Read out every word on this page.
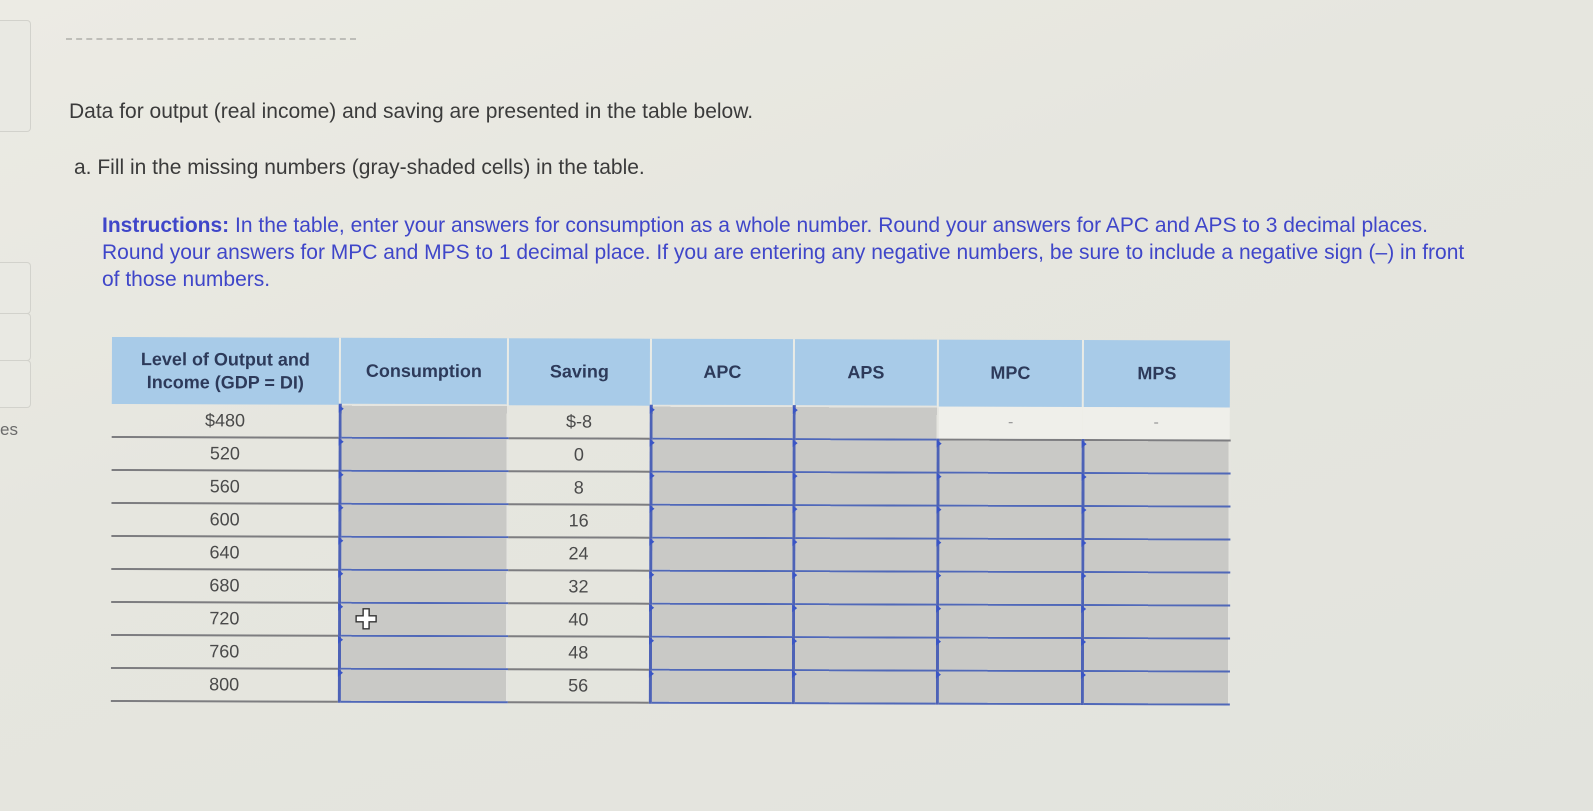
es
Data for output (real income) and saving are presented in the table below.
a. Fill in the missing numbers (gray-shaded cells) in the table.
Instructions: In the table, enter your answers for consumption as a whole number. Round your answers for APC and APS to 3 decimal places. Round your answers for MPC and MPS to 1 decimal place. If you are entering any negative numbers, be sure to include a negative sign (–) in front of those numbers.
Level of Output and Income (GDP = DI)	Consumption	Saving	APC	APS	MPC	MPS
$480		$-8			-	-
520		0				
560		8				
600		16				
640		24				
680		32				
720		40				
760		48				
800		56				
